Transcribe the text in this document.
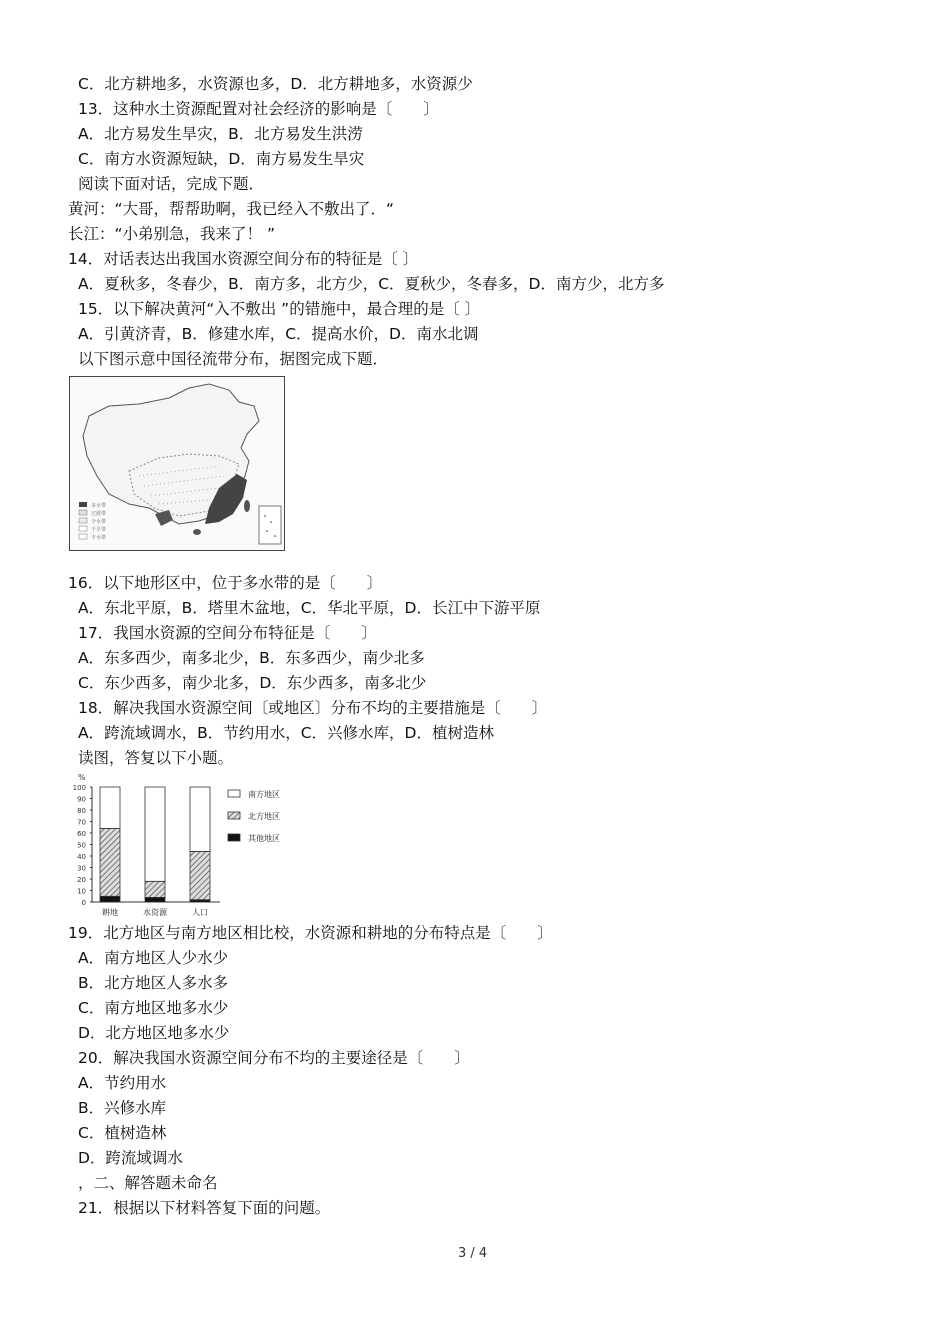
C．北方耕地多，水资源也多，D．北方耕地多，水资源少
13．这种水土资源配置对社会经济的影响是〔　　〕
A．北方易发生旱灾，B．北方易发生洪涝
C．南方水资源短缺，D．南方易发生旱灾
阅读下面对话，完成下题．
黄河：“大哥，帮帮助啊，我已经入不敷出了．“
长江：“小弟别急，我来了！ ”
14．对话表达出我国水资源空间分布的特征是〔 〕
A．夏秋多，冬春少，B．南方多，北方少，C．夏秋少，冬春多，D．南方少，北方多
15．以下解决黄河“入不敷出 ”的错施中，最合理的是〔 〕
A．引黄济青，B．修建水库，C．提高水价，D．南水北调
以下图示意中国径流带分布，据图完成下题．
多水带
过渡带
少水带
干旱带
丰水带
16．以下地形区中，位于多水带的是〔　　〕
A．东北平原，B．塔里木盆地，C．华北平原，D．长江中下游平原
17．我国水资源的空间分布特征是〔　　〕
A．东多西少，南多北少，B．东多西少，南少北多
C．东少西多，南少北多，D．东少西多，南多北少
18．解决我国水资源空间〔或地区〕分布不均的主要措施是〔　　〕
A．跨流域调水，B．节约用水，C．兴修水库，D．植树造林
读图，答复以下小题。
%
100
90
80
70
60
50
40
30
20
10
0
耕地	水资源	人口
南方地区
北方地区
其他地区
19．北方地区与南方地区相比校，水资源和耕地的分布特点是〔　　〕
A．南方地区人少水少
B．北方地区人多水多
C．南方地区地多水少
D．北方地区地多水少
20．解决我国水资源空间分布不均的主要途径是〔　　〕
A．节约用水
B．兴修水库
C．植树造林
D．跨流域调水
，二、解答题未命名
21．根据以下材料答复下面的问题。
3 / 4
